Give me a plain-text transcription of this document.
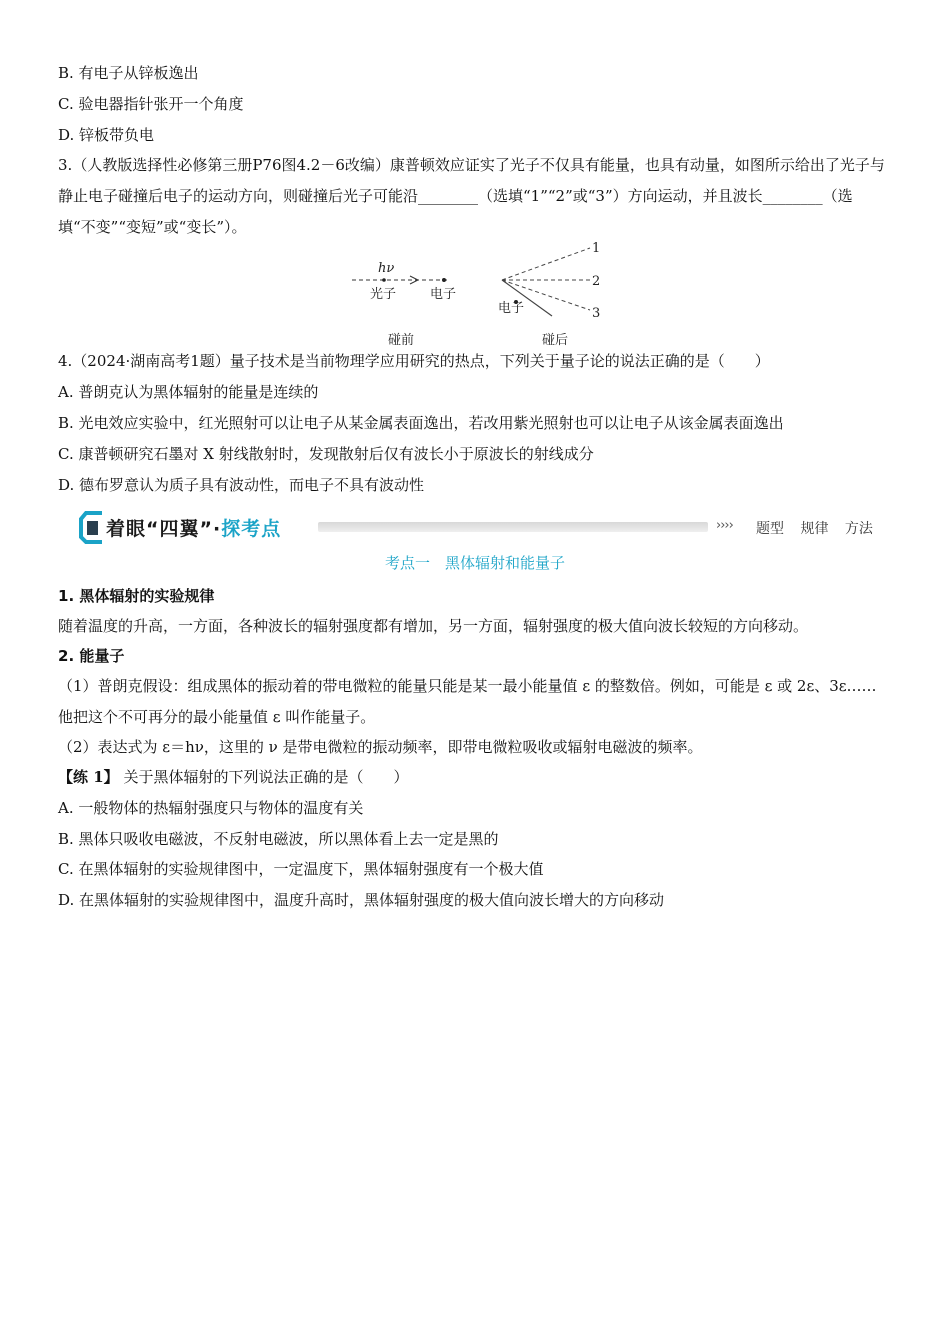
B. 有电子从锌板逸出
C. 验电器指针张开一个角度
D. 锌板带负电
3.（人教版选择性必修第三册P76图4.2－6改编）康普顿效应证实了光子不仅具有能量，也具有动量，如图所示给出了光子与静止电子碰撞后电子的运动方向，则碰撞后光子可能沿________（选填“1”“2”或“3”）方向运动，并且波长________（选填“不变”“变短”或“变长”）。
hν
光子	电子
碰前
1
2
3
电子
碰后
4.（2024·湖南高考1题）量子技术是当前物理学应用研究的热点，下列关于量子论的说法正确的是（　　）
A. 普朗克认为黑体辐射的能量是连续的
B. 光电效应实验中，红光照射可以让电子从某金属表面逸出，若改用紫光照射也可以让电子从该金属表面逸出
C. 康普顿研究石墨对 X 射线散射时，发现散射后仅有波长小于原波长的射线成分
D. 德布罗意认为质子具有波动性，而电子不具有波动性
着眼“四翼”·探考点	›››› 题型 规律 方法
考点一　黑体辐射和能量子
1. 黑体辐射的实验规律
随着温度的升高，一方面，各种波长的辐射强度都有增加，另一方面，辐射强度的极大值向波长较短的方向移动。
2. 能量子
（1）普朗克假设：组成黑体的振动着的带电微粒的能量只能是某一最小能量值 ε 的整数倍。例如，可能是 ε 或 2ε、3ε……他把这个不可再分的最小能量值 ε 叫作能量子。
（2）表达式为 ε＝hν，这里的 ν 是带电微粒的振动频率，即带电微粒吸收或辐射电磁波的频率。
【练 1】 关于黑体辐射的下列说法正确的是（　　）
A. 一般物体的热辐射强度只与物体的温度有关
B. 黑体只吸收电磁波，不反射电磁波，所以黑体看上去一定是黑的
C. 在黑体辐射的实验规律图中，一定温度下，黑体辐射强度有一个极大值
D. 在黑体辐射的实验规律图中，温度升高时，黑体辐射强度的极大值向波长增大的方向移动
